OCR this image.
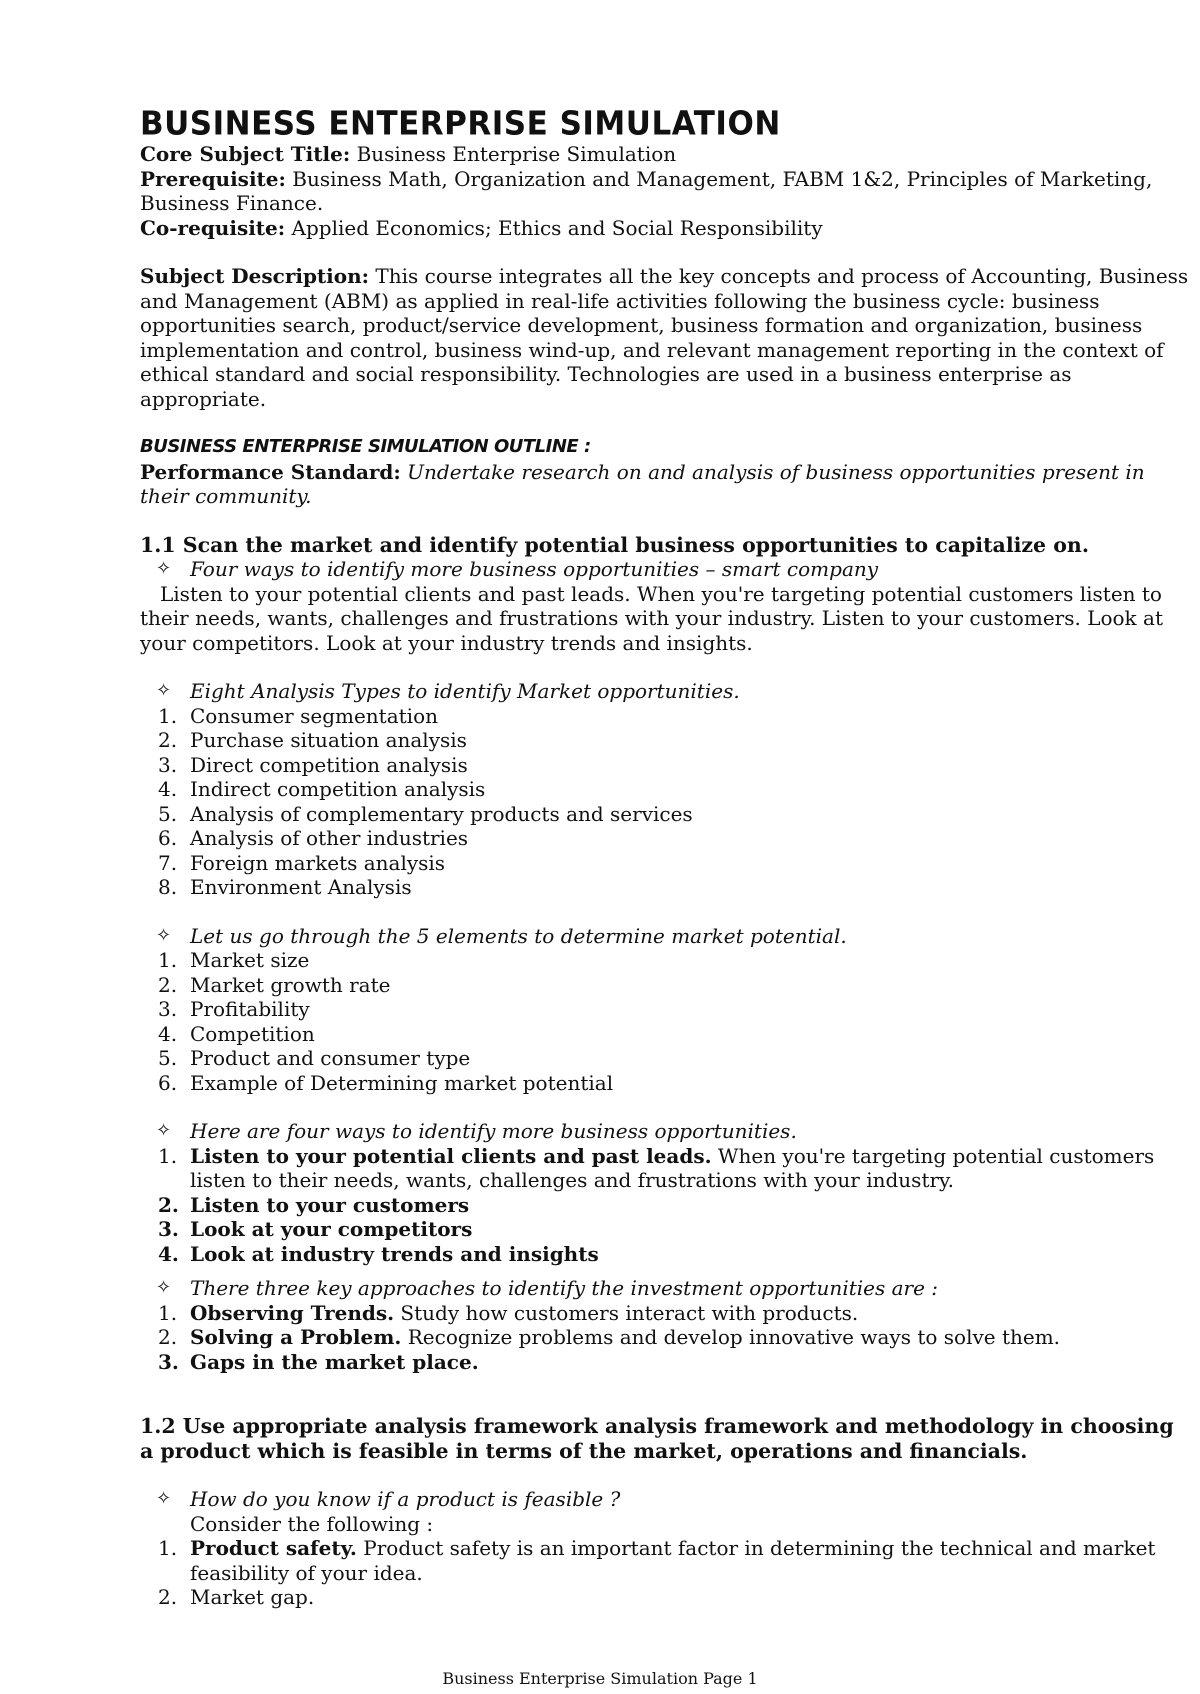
BUSINESS ENTERPRISE SIMULATION

Core Subject Title: Business Enterprise Simulation

Prerequisite: Business Math, Organization and Management, FABM 1&2, Principles of Marketing, Business Finance.

Co-requisite: Applied Economics; Ethics and Social Responsibility

Subject Description: This course integrates all the key concepts and process of Accounting, Business and Management (ABM) as applied in real-life activities following the business cycle: business opportunities search, product/service development, business formation and organization, business implementation and control, business wind-up, and relevant management reporting in the context of ethical standard and social responsibility. Technologies are used in a business enterprise as appropriate.

BUSINESS ENTERPRISE SIMULATION OUTLINE :

Performance Standard: Undertake research on and analysis of business opportunities present in their community.

1.1 Scan the market and identify potential business opportunities to capitalize on.

✧ Four ways to identify more business opportunities – smart company

Listen to your potential clients and past leads. When you're targeting potential customers listen to their needs, wants, challenges and frustrations with your industry. Listen to your customers. Look at your competitors. Look at your industry trends and insights.

✧ Eight Analysis Types to identify Market opportunities.
1. Consumer segmentation
2. Purchase situation analysis
3. Direct competition analysis
4. Indirect competition analysis
5. Analysis of complementary products and services
6. Analysis of other industries
7. Foreign markets analysis
8. Environment Analysis
✧ Let us go through the 5 elements to determine market potential.
1. Market size
2. Market growth rate
3. Profitability
4. Competition
5. Product and consumer type
6. Example of Determining market potential
✧ Here are four ways to identify more business opportunities.
1. Listen to your potential clients and past leads. When you're targeting potential customers listen to their needs, wants, challenges and frustrations with your industry.
2. Listen to your customers
3. Look at your competitors
4. Look at industry trends and insights
✧ There three key approaches to identify the investment opportunities are :
1. Observing Trends. Study how customers interact with products.
2. Solving a Problem. Recognize problems and develop innovative ways to solve them.
3. Gaps in the market place.

1.2 Use appropriate analysis framework analysis framework and methodology in choosing a product which is feasible in terms of the market, operations and financials.

✧ How do you know if a product is feasible ?

Consider the following :

1. Product safety. Product safety is an important factor in determining the technical and market feasibility of your idea.
2. Market gap.
Business Enterprise Simulation Page 1
